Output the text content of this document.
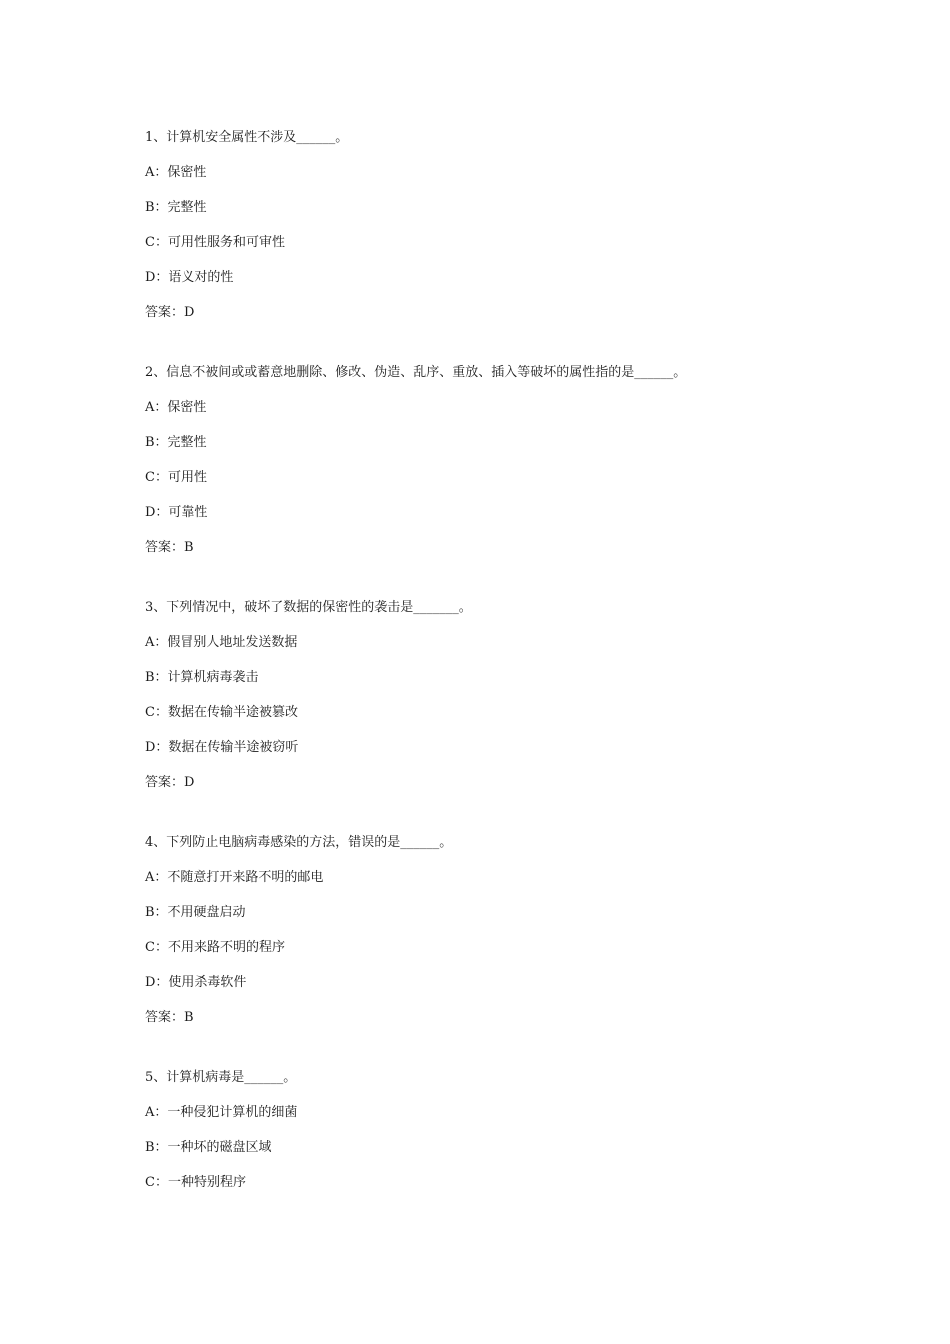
1、计算机安全属性不涉及______。
A：保密性
B：完整性
C：可用性服务和可审性
D：语义对的性
答案：D
2、信息不被间或或蓄意地删除、修改、伪造、乱序、重放、插入等破坏的属性指的是______。
A：保密性
B：完整性
C：可用性
D：可靠性
答案：B
3、下列情况中，破坏了数据的保密性的袭击是_______。
A：假冒别人地址发送数据
B：计算机病毒袭击
C：数据在传输半途被篡改
D：数据在传输半途被窃听
答案：D
4、下列防止电脑病毒感染的方法，错误的是______。
A：不随意打开来路不明的邮电
B：不用硬盘启动
C：不用来路不明的程序
D：使用杀毒软件
答案：B
5、计算机病毒是______。
A：一种侵犯计算机的细菌
B：一种坏的磁盘区域
C：一种特别程序
